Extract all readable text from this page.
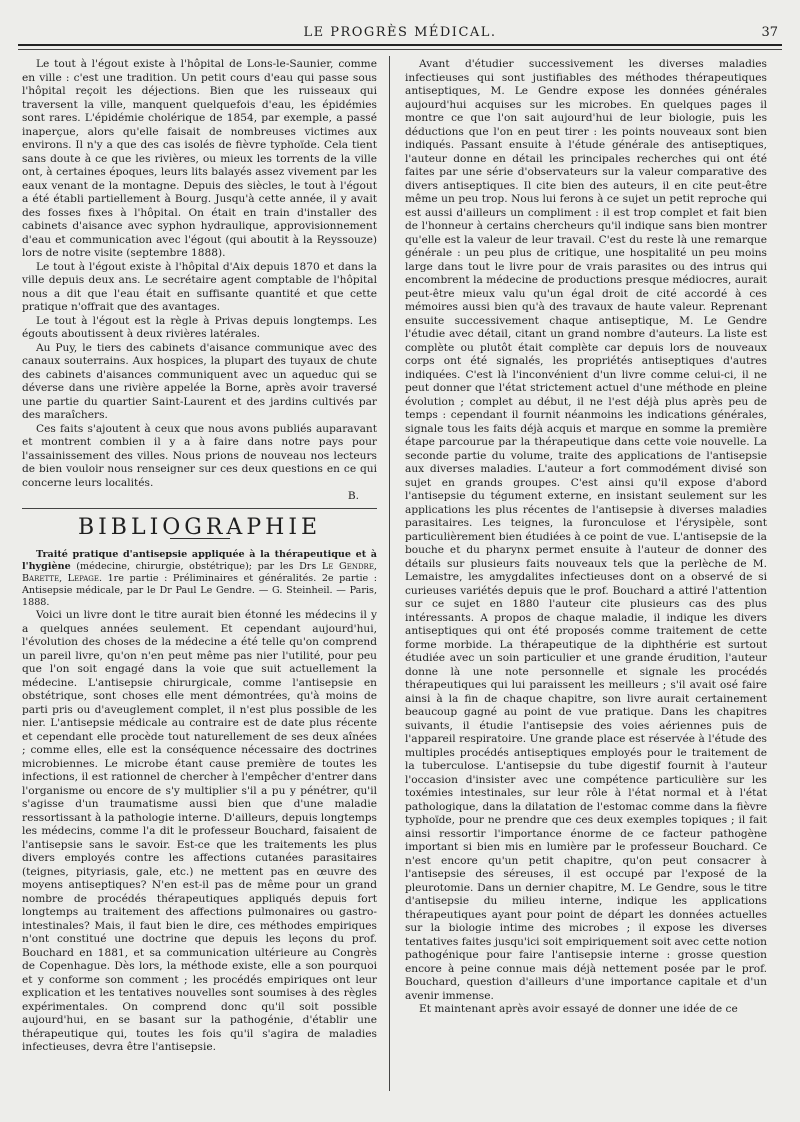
LE PROGRÈS MÉDICAL.	37

Le tout à l'égout existe à l'hôpital de Lons-le-Saunier, comme en ville : c'est une tradition. Un petit cours d'eau qui passe sous l'hôpital reçoit les déjections. Bien que les ruisseaux qui traversent la ville, manquent quelquefois d'eau, les épidémies sont rares. L'épidémie cholérique de 1854, par exemple, a passé inaperçue, alors qu'elle faisait de nombreuses victimes aux environs. Il n'y a que des cas isolés de fièvre typhoïde. Cela tient sans doute à ce que les rivières, ou mieux les torrents de la ville ont, à certaines époques, leurs lits balayés assez vivement par les eaux venant de la montagne. Depuis des siècles, le tout à l'égout a été établi partiellement à Bourg. Jusqu'à cette année, il y avait des fosses fixes à l'hôpital. On était en train d'installer des cabinets d'aisance avec syphon hydraulique, approvisionnement d'eau et communication avec l'égout (qui aboutit à la Reyssouze) lors de notre visite (septembre 1888).

Le tout à l'égout existe à l'hôpital d'Aix depuis 1870 et dans la ville depuis deux ans. Le secrétaire agent comptable de l'hôpital nous a dit que l'eau était en suffisante quantité et que cette pratique n'offrait que des avantages.

Le tout à l'égout est la règle à Privas depuis longtemps. Les égouts aboutissent à deux rivières latérales.

Au Puy, le tiers des cabinets d'aisance communique avec des canaux souterrains. Aux hospices, la plupart des tuyaux de chute des cabinets d'aisances communiquent avec un aqueduc qui se déverse dans une rivière appelée la Borne, après avoir traversé une partie du quartier Saint-Laurent et des jardins cultivés par des maraîchers.

Ces faits s'ajoutent à ceux que nous avons publiés auparavant et montrent combien il y a à faire dans notre pays pour l'assainissement des villes. Nous prions de nouveau nos lecteurs de bien vouloir nous renseigner sur ces deux questions en ce qui concerne leurs localités.

B.

BIBLIOGRAPHIE

Traité pratique d'antisepsie appliquée à la thérapeutique et à l'hygiène (médecine, chirurgie, obstétrique); par les Drs Le Gendre, Barette, Lepage. 1re partie : Préliminaires et généralités. 2e partie : Antisepsie médicale, par le Dr Paul Le Gendre. — G. Steinheil. — Paris, 1888.

Voici un livre dont le titre aurait bien étonné les médecins il y a quelques années seulement. Et cependant aujourd'hui, l'évolution des choses de la médecine a été telle qu'on comprend un pareil livre, qu'on n'en peut même pas nier l'utilité, pour peu que l'on soit engagé dans la voie que suit actuellement la médecine. L'antisepsie chirurgicale, comme l'antisepsie en obstétrique, sont choses elle ment démontrées, qu'à moins de parti pris ou d'aveuglement complet, il n'est plus possible de les nier. L'antisepsie médicale au contraire est de date plus récente et cependant elle procède tout naturellement de ses deux aînées ; comme elles, elle est la conséquence nécessaire des doctrines microbiennes. Le microbe étant cause première de toutes les infections, il est rationnel de chercher à l'empêcher d'entrer dans l'organisme ou encore de s'y multiplier s'il a pu y pénétrer, qu'il s'agisse d'un traumatisme aussi bien que d'une maladie ressortissant à la pathologie interne. D'ailleurs, depuis longtemps les médecins, comme l'a dit le professeur Bouchard, faisaient de l'antisepsie sans le savoir. Est-ce que les traitements les plus divers employés contre les affections cutanées parasitaires (teignes, pityriasis, gale, etc.) ne mettent pas en œuvre des moyens antiseptiques? N'en est-il pas de même pour un grand nombre de procédés thérapeutiques appliqués depuis fort longtemps au traitement des affections pulmonaires ou gastro-intestinales? Mais, il faut bien le dire, ces méthodes empiriques n'ont constitué une doctrine que depuis les leçons du prof. Bouchard en 1881, et sa communication ultérieure au Congrès de Copenhague. Dès lors, la méthode existe, elle a son pourquoi et y conforme son comment ; les procédés empiriques ont leur explication et les tentatives nouvelles sont soumises à des règles expérimentales. On comprend donc qu'il soit possible aujourd'hui, en se basant sur la pathogénie, d'établir une thérapeutique qui, toutes les fois qu'il s'agira de maladies infectieuses, devra être l'antisepsie.

Avant d'étudier successivement les diverses maladies infectieuses qui sont justifiables des méthodes thérapeutiques antiseptiques, M. Le Gendre expose les données générales aujourd'hui acquises sur les microbes. En quelques pages il montre ce que l'on sait aujourd'hui de leur biologie, puis les déductions que l'on en peut tirer : les points nouveaux sont bien indiqués. Passant ensuite à l'étude générale des antiseptiques, l'auteur donne en détail les principales recherches qui ont été faites par une série d'observateurs sur la valeur comparative des divers antiseptiques. Il cite bien des auteurs, il en cite peut-être même un peu trop. Nous lui ferons à ce sujet un petit reproche qui est aussi d'ailleurs un compliment : il est trop complet et fait bien de l'honneur à certains chercheurs qu'il indique sans bien montrer qu'elle est la valeur de leur travail. C'est du reste là une remarque générale : un peu plus de critique, une hospitalité un peu moins large dans tout le livre pour de vrais parasites ou des intrus qui encombrent la médecine de productions presque médiocres, aurait peut-être mieux valu qu'un égal droit de cité accordé à ces mémoires aussi bien qu'à des travaux de haute valeur. Reprenant ensuite successivement chaque antiseptique, M. Le Gendre l'étudie avec détail, citant un grand nombre d'auteurs. La liste est complète ou plutôt était complète car depuis lors de nouveaux corps ont été signalés, les propriétés antiseptiques d'autres indiquées. C'est là l'inconvénient d'un livre comme celui-ci, il ne peut donner que l'état strictement actuel d'une méthode en pleine évolution ; complet au début, il ne l'est déjà plus après peu de temps : cependant il fournit néanmoins les indications générales, signale tous les faits déjà acquis et marque en somme la première étape parcourue par la thérapeutique dans cette voie nouvelle. La seconde partie du volume, traite des applications de l'antisepsie aux diverses maladies. L'auteur a fort commodément divisé son sujet en grands groupes. C'est ainsi qu'il expose d'abord l'antisepsie du tégument externe, en insistant seulement sur les applications les plus récentes de l'antisepsie à diverses maladies parasitaires. Les teignes, la furonculose et l'érysipèle, sont particulièrement bien étudiées à ce point de vue. L'antisepsie de la bouche et du pharynx permet ensuite à l'auteur de donner des détails sur plusieurs faits nouveaux tels que la perlèche de M. Lemaistre, les amygdalites infectieuses dont on a observé de si curieuses variétés depuis que le prof. Bouchard a attiré l'attention sur ce sujet en 1880 l'auteur cite plusieurs cas des plus intéressants. A propos de chaque maladie, il indique les divers antiseptiques qui ont été proposés comme traitement de cette forme morbide. La thérapeutique de la diphthérie est surtout étudiée avec un soin particulier et une grande érudition, l'auteur donne là une note personnelle et signale les procédés thérapeutiques qui lui paraissent les meilleurs ; s'il avait osé faire ainsi à la fin de chaque chapitre, son livre aurait certainement beaucoup gagné au point de vue pratique. Dans les chapitres suivants, il étudie l'antisepsie des voies aériennes puis de l'appareil respiratoire. Une grande place est réservée à l'étude des multiples procédés antiseptiques employés pour le traitement de la tuberculose. L'antisepsie du tube digestif fournit à l'auteur l'occasion d'insister avec une compétence particulière sur les toxémies intestinales, sur leur rôle à l'état normal et à l'état pathologique, dans la dilatation de l'estomac comme dans la fièvre typhoïde, pour ne prendre que ces deux exemples topiques ; il fait ainsi ressortir l'importance énorme de ce facteur pathogène important si bien mis en lumière par le professeur Bouchard. Ce n'est encore qu'un petit chapitre, qu'on peut consacrer à l'antisepsie des séreuses, il est occupé par l'exposé de la pleurotomie. Dans un dernier chapitre, M. Le Gendre, sous le titre d'antisepsie du milieu interne, indique les applications thérapeutiques ayant pour point de départ les données actuelles sur la biologie intime des microbes ; il expose les diverses tentatives faites jusqu'ici soit empiriquement soit avec cette notion pathogénique pour faire l'antisepsie interne : grosse question encore à peine connue mais déjà nettement posée par le prof. Bouchard, question d'ailleurs d'une importance capitale et d'un avenir immense.

Et maintenant après avoir essayé de donner une idée de ce
